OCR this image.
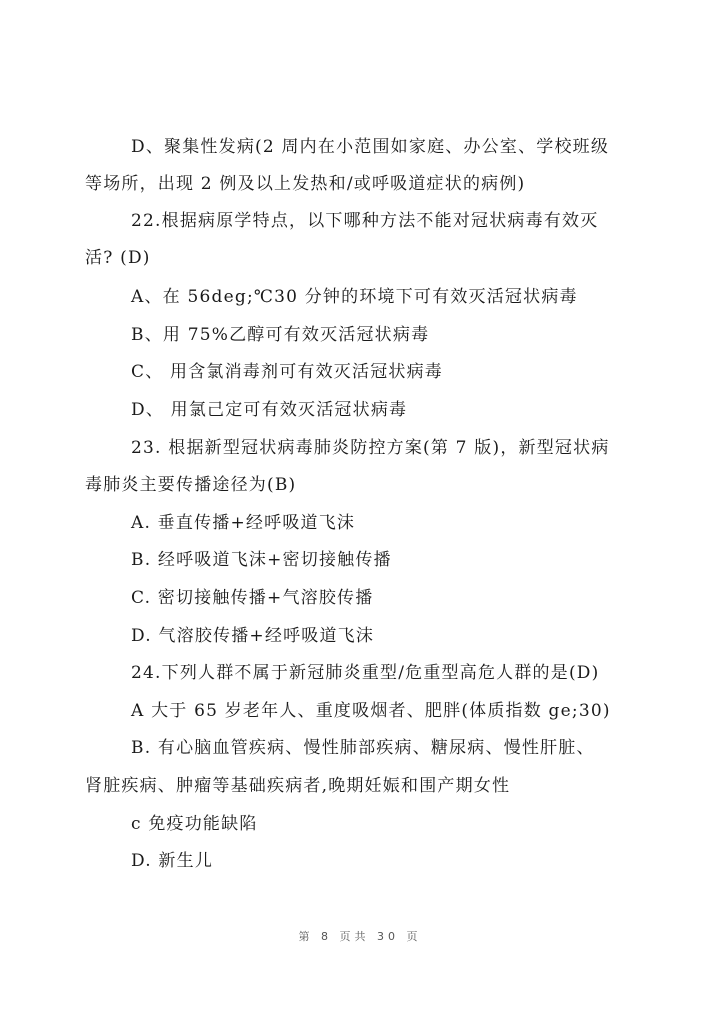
D、聚集性发病(2 周内在小范围如家庭、办公室、学校班级
等场所，出现 2 例及以上发热和/或呼吸道症状的病例)
22.根据病原学特点，以下哪种方法不能对冠状病毒有效灭
活? (D)
A、在 56deg;℃30 分钟的环境下可有效灭活冠状病毒
B、用 75%乙醇可有效灭活冠状病毒
C、 用含氯消毒剂可有效灭活冠状病毒
D、 用氯己定可有效灭活冠状病毒
23. 根据新型冠状病毒肺炎防控方案(第 7 版)，新型冠状病
毒肺炎主要传播途径为(B)
A. 垂直传播+经呼吸道飞沫
B. 经呼吸道飞沫+密切接触传播
C. 密切接触传播+气溶胶传播
D. 气溶胶传播+经呼吸道飞沫
24.下列人群不属于新冠肺炎重型/危重型高危人群的是(D)
A 大于 65 岁老年人、重度吸烟者、肥胖(体质指数 ge;30)
B. 有心脑血管疾病、慢性肺部疾病、糖尿病、慢性肝脏、
肾脏疾病、肿瘤等基础疾病者,晚期妊娠和围产期女性
c 免疫功能缺陷
D. 新生儿
第 8 页共 30 页
